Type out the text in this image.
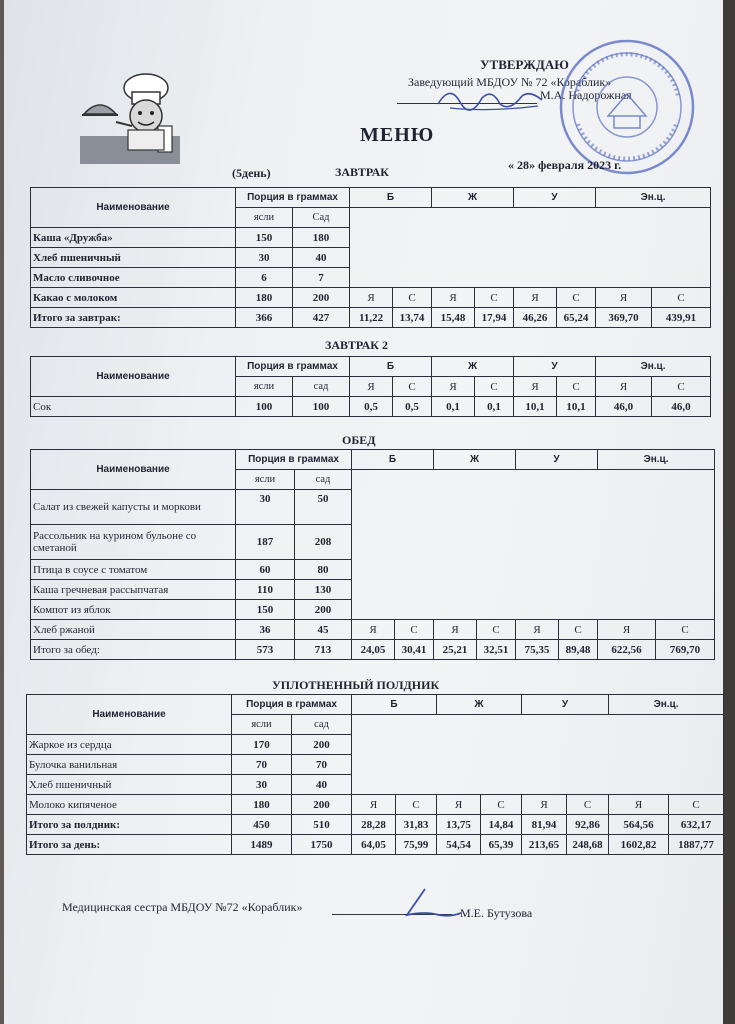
УТВЕРЖДАЮ
Заведующий МБДОУ № 72 «Кораблик»
М.А. Надорожная
МЕНЮ
(5день)	ЗАВТРАК	« 28» февраля 2023 г.
Наименование	Порция в граммах		Б		Ж		У		Эн.ц.	
	ясли	Сад								
Каша «Дружба»	150	180								
Хлеб пшеничный	30	40								
Масло сливочное	6	7								
Какао с молоком	180	200	Я	С	Я	С	Я	С	Я	С
Итого за завтрак:	366	427	11,22	13,74	15,48	17,94	46,26	65,24	369,70	439,91
ЗАВТРАК 2
Наименование	Порция в граммах		Б		Ж		У		Эн.ц.	
	ясли	сад	Я	С	Я	С	Я	С	Я	С
Сок	100	100	0,5	0,5	0,1	0,1	10,1	10,1	46,0	46,0
ОБЕД
Наименование	Порция в граммах		Б		Ж		У		Эн.ц.	
	ясли	сад								
Салат из свежей капусты и моркови	30	50								
Рассольник на курином бульоне со сметаной	187	208								
Птица в соусе с томатом	60	80								
Каша гречневая рассыпчатая	110	130								
Компот из яблок	150	200								
Хлеб ржаной	36	45	Я	С	Я	С	Я	С	Я	С
Итого за обед:	573	713	24,05	30,41	25,21	32,51	75,35	89,48	622,56	769,70
УПЛОТНЕННЫЙ ПОЛДНИК
Наименование	Порция в граммах		Б		Ж		У		Эн.ц.	
	ясли	сад								
Жаркое из сердца	170	200								
Булочка ванильная	70	70								
Хлеб пшеничный	30	40								
Молоко кипяченое	180	200	Я	С	Я	С	Я	С	Я	С
Итого за полдник:	450	510	28,28	31,83	13,75	14,84	81,94	92,86	564,56	632,17
Итого за день:	1489	1750	64,05	75,99	54,54	65,39	213,65	248,68	1602,82	1887,77
Медицинская сестра МБДОУ №72 «Кораблик»	М.Е. Бутузова
